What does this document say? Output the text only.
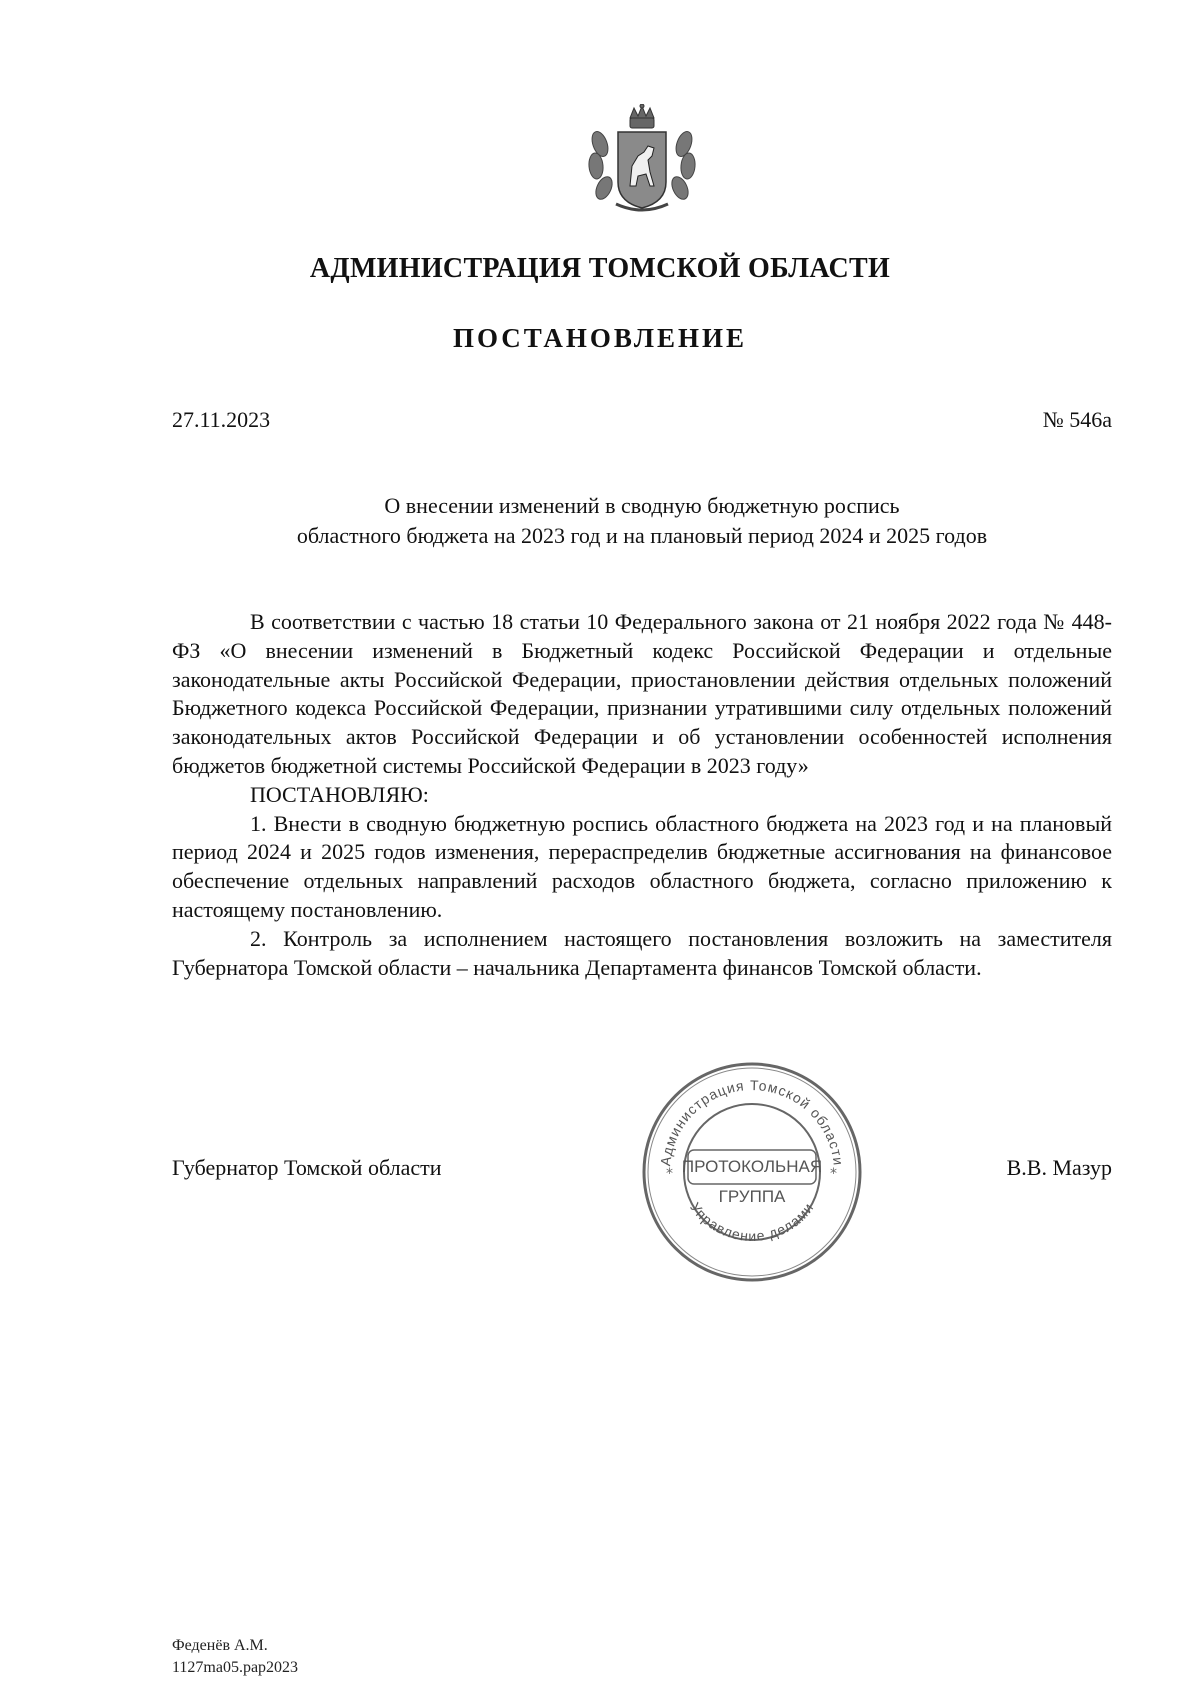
АДМИНИСТРАЦИЯ ТОМСКОЙ ОБЛАСТИ
ПОСТАНОВЛЕНИЕ
27.11.2023	№ 546а
О внесении изменений в сводную бюджетную роспись
областного бюджета на 2023 год и на плановый период 2024 и 2025 годов

В соответствии с частью 18 статьи 10 Федерального закона от 21 ноября 2022 года № 448-ФЗ «О внесении изменений в Бюджетный кодекс Российской Федерации и отдельные законодательные акты Российской Федерации, приостановлении действия отдельных положений Бюджетного кодекса Российской Федерации, признании утратившими силу отдельных положений законодательных актов Российской Федерации и об установлении особенностей исполнения бюджетов бюджетной системы Российской Федерации в 2023 году»

ПОСТАНОВЛЯЮ:

1. Внести в сводную бюджетную роспись областного бюджета на 2023 год и на плановый период 2024 и 2025 годов изменения, перераспределив бюджетные ассигнования на финансовое обеспечение отдельных направлений расходов областного бюджета, согласно приложению к настоящему постановлению.

2. Контроль за исполнением настоящего постановления возложить на заместителя Губернатора Томской области – начальника Департамента финансов Томской области.

Губернатор Томской области	В.В. Мазур
Администрация Томской области
Управление делами
*	*
ПРОТОКОЛЬНАЯ
ГРУППА
Феденёв А.М.
1127ma05.pap2023
